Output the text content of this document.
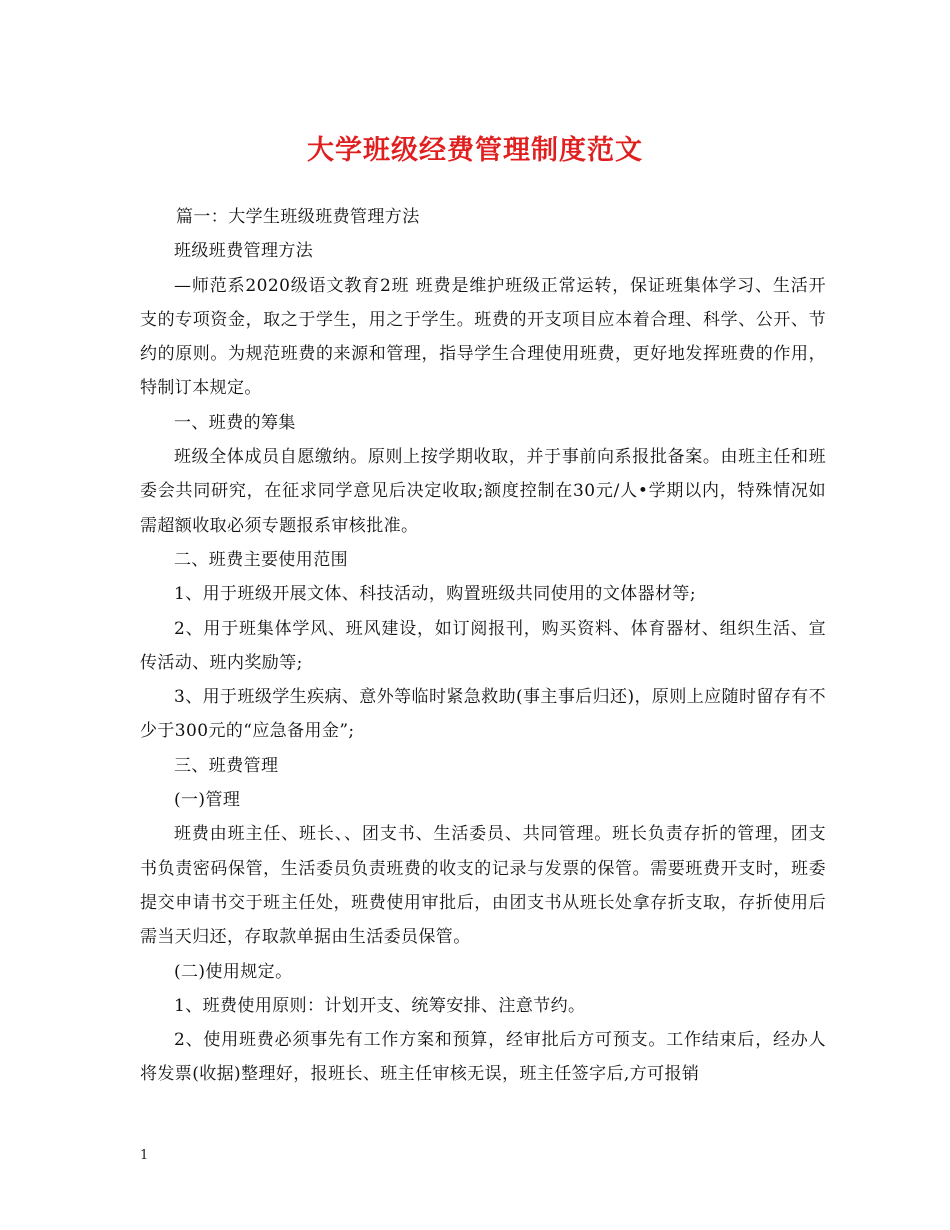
大学班级经费管理制度范文

篇一：大学生班级班费管理方法

班级班费管理方法

—师范系2020级语文教育2班 班费是维护班级正常运转，保证班集体学习、生活开支的专项资金，取之于学生，用之于学生。班费的开支项目应本着合理、科学、公开、节约的原则。为规范班费的来源和管理，指导学生合理使用班费，更好地发挥班费的作用，特制订本规定。

一、班费的筹集

班级全体成员自愿缴纳。原则上按学期收取，并于事前向系报批备案。由班主任和班委会共同研究，在征求同学意见后决定收取;额度控制在30元/人•学期以内，特殊情况如需超额收取必须专题报系审核批准。

二、班费主要使用范围

1、用于班级开展文体、科技活动，购置班级共同使用的文体器材等;

2、用于班集体学风、班风建设，如订阅报刊，购买资料、体育器材、组织生活、宣传活动、班内奖励等;

3、用于班级学生疾病、意外等临时紧急救助(事主事后归还)，原则上应随时留存有不少于300元的“应急备用金”;

三、班费管理

(一)管理

班费由班主任、班长、、团支书、生活委员、共同管理。班长负责存折的管理，团支书负责密码保管，生活委员负责班费的收支的记录与发票的保管。需要班费开支时，班委提交申请书交于班主任处，班费使用审批后，由团支书从班长处拿存折支取，存折使用后需当天归还，存取款单据由生活委员保管。

(二)使用规定。

1、班费使用原则：计划开支、统筹安排、注意节约。

2、使用班费必须事先有工作方案和预算，经审批后方可预支。工作结束后，经办人将发票(收据)整理好，报班长、班主任审核无误，班主任签字后,方可报销

1
